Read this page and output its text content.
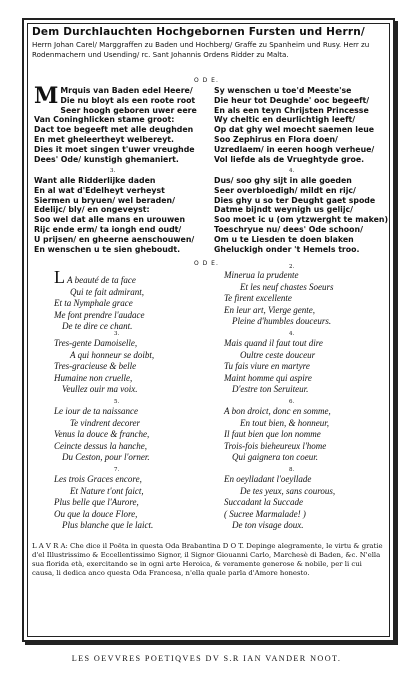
Dem Durchlauchten Hochgebornen Fursten und Herrn/
Herrn Johan Carel/ Marggraffen zu Baden und Hochberg/ Graffe zu Spanheim und Rusy. Herr zu Rodenmachern und Usending/ rc. Sant Johannis Ordens Ridder zu Malta.
O D E.
M Mrquis van Baden edel Heere/
Die nu bloyt als een roote root
Seer hoogh geboren uwer eere
Van Coninghlicken stame groot:
Dact toe begeeft met alle deughden
En met gheleertheyt welbereyt.
Dies it moet singen t'uwer vreughde
Dees' Ode/ kunstigh ghemaniert.
3.
Want alle Ridderlijke daden
En al wat d'Edelheyt verheyst
Siermen u bryuen/ wel beraden/
Edelijc/ bly/ en ongeveyst:
Soo wel dat alle mans en urouwen
Rijc ende erm/ ta iongh end oudt/
U prijsen/ en gheerne aenschouwen/
En wenschen u te sien gheboudt.
Sy wenschen u toe'd Meeste'se
Die heur tot Deughde' ooc begeeft/
En als een teyn Chrijsten Princesse
Wy cheltic en deurlichtigh leeft/
Op dat ghy wel moecht saemen leue
Soo Zephirus en Flora doen/
Uzredlaem/ in eeren hoogh verheue/
Vol liefde als de Vrueghtyde groe.
4.
Dus/ soo ghy sijt in alle goeden
Seer overbloedigh/ mildt en rijc/
Dies ghy u so ter Deught gaet spode
Datme bijndt weynigh us gelijc/
Soo moet ic u (om ytzwerght te maken)
Toeschryue nu/ dees' Ode schoon/
Om u te Liesden te doen blaken
Gheluckigh onder 't Hemels troo.
O D E.
L A beauté de ta face
Qui te fait admirant,
Et ta Nymphale grace
Me font prendre l'audace
De te dire ce chant.
3.
Tres-gente Damoiselle,
A qui honneur se doibt,
Tres-gracieuse & belle
Humaine non cruelle,
Veullez ouir ma voix.
5.
Le iour de ta naissance
Te vindrent decorer
Venus la douce & franche,
Ceincte dessus la hanche,
Du Ceston, pour l'orner.
7.
Les trois Graces encore,
Et Nature t'ont faict,
Plus belle que l'Aurore,
Ou que la douce Flore,
Plus blanche que le laict.
2.
Minerua la prudente
Et les neuf chastes Soeurs
Te firent excellente
En leur art, Vierge gente,
Pleine d'humbles douceurs.
4.
Mais quand il faut tout dire
Oultre ceste douceur
Tu fais viure en martyre
Maint homme qui aspire
D'estre ton Seruiteur.
6.
A bon droict, donc en somme,
En tout bien, & honneur,
Il faut bien que lon nomme
Trois-fois bieheureux l'home
Qui gaignera ton coeur.
8.
En oeylladant l'oeyllade
De tes yeux, sans courous,
Succadant la Succade
( Sucree Marmalade! )
De ton visage doux.
L A V R A: Che dice il Poëta in questa Oda Brabantina D O T. Depinge alegramente, le virtu & gratie d'el Illustrissimo & Eccellentissimo Signor, il Signor Giouanni Carlo, Marchesè di Baden, &c. N'ella sua florida età, exercitando se in ogni arte Heroica, & veramente generose & nobile, per li cui causa, li dedica anco questa Oda Francesa, n'ella quale parla d'Amore honesto.
LES OEVVRES POETIQVES DV S.R IAN VANDER NOOT.
